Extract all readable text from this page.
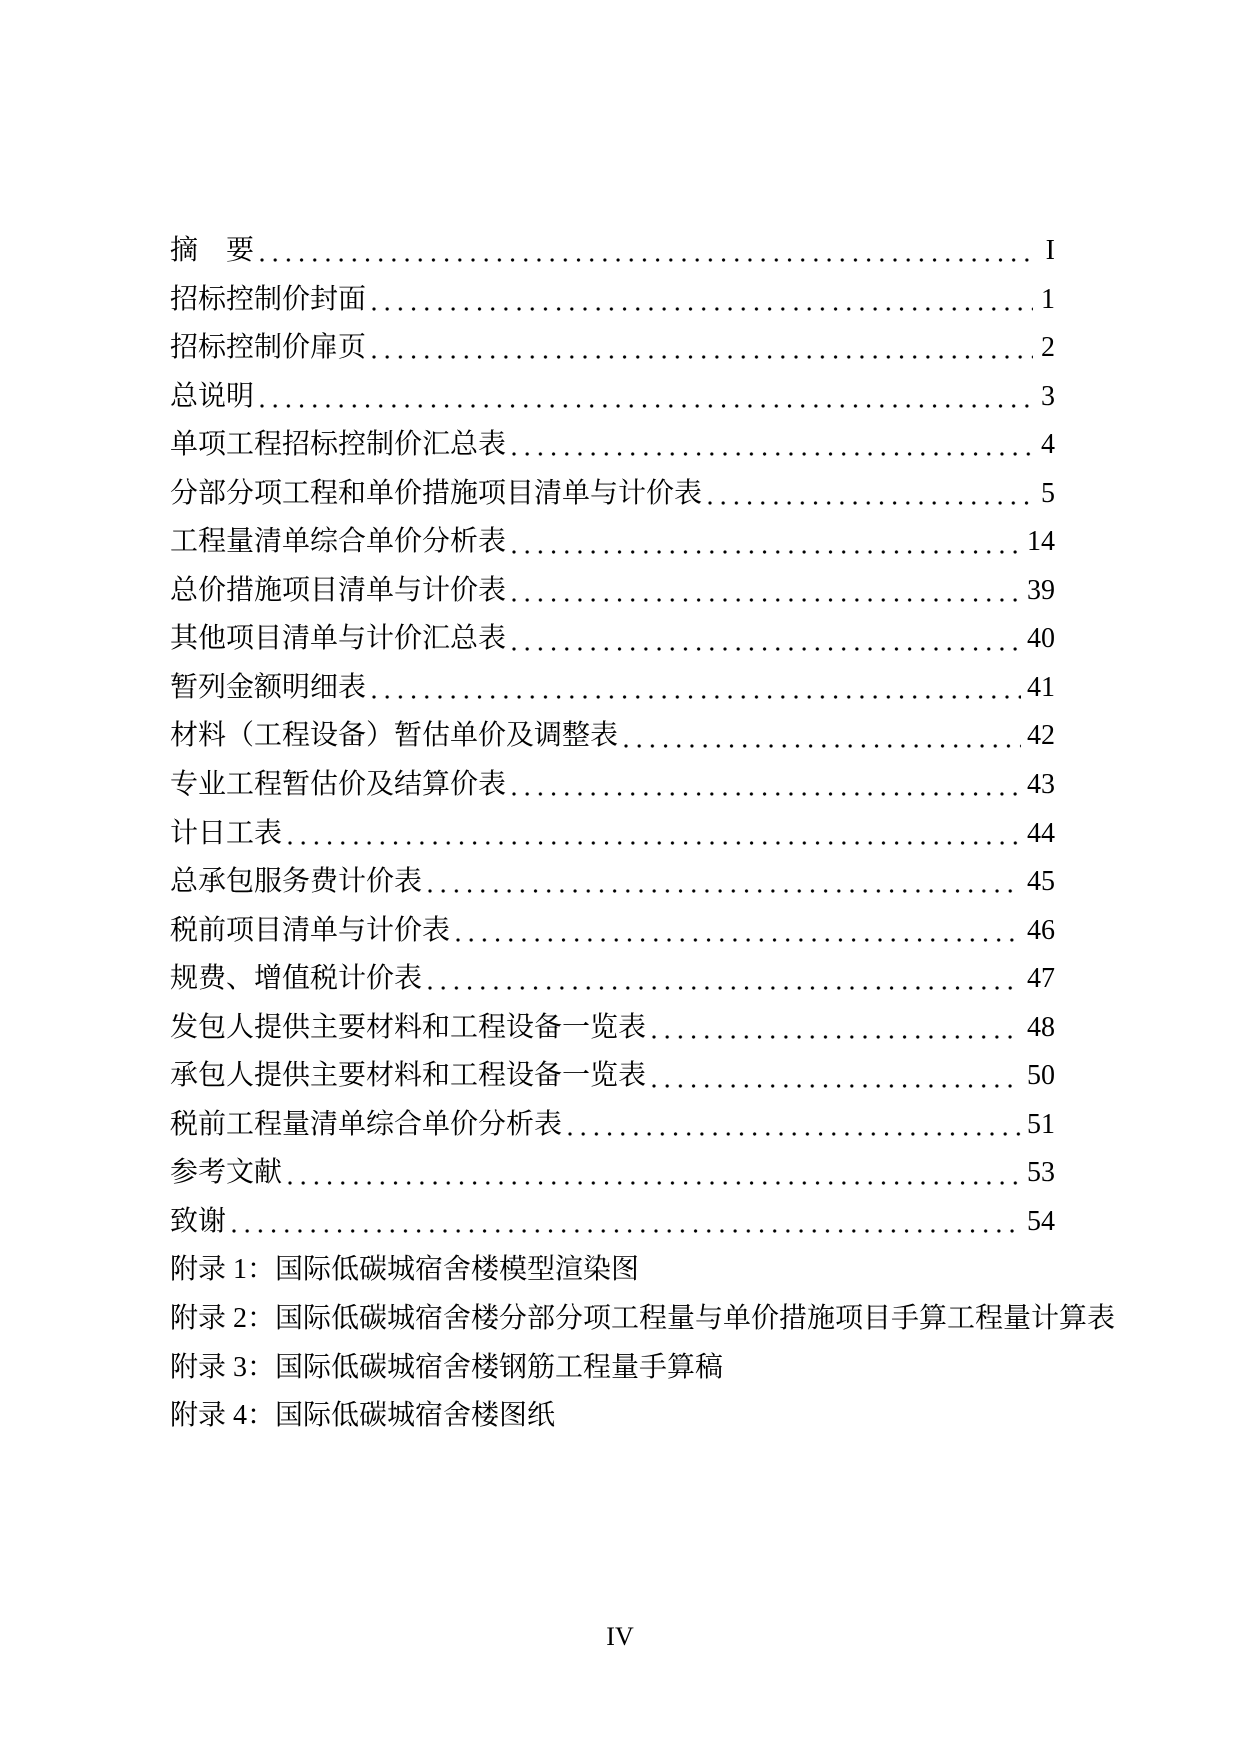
摘　要	I
招标控制价封面	1
招标控制价扉页	2
总说明	3
单项工程招标控制价汇总表	4
分部分项工程和单价措施项目清单与计价表	5
工程量清单综合单价分析表	14
总价措施项目清单与计价表	39
其他项目清单与计价汇总表	40
暂列金额明细表	41
材料（工程设备）暂估单价及调整表	42
专业工程暂估价及结算价表	43
计日工表	44
总承包服务费计价表	45
税前项目清单与计价表	46
规费、增值税计价表	47
发包人提供主要材料和工程设备一览表	48
承包人提供主要材料和工程设备一览表	50
税前工程量清单综合单价分析表	51
参考文献	53
致谢	54
附录 1：国际低碳城宿舍楼模型渲染图
附录 2：国际低碳城宿舍楼分部分项工程量与单价措施项目手算工程量计算表
附录 3：国际低碳城宿舍楼钢筋工程量手算稿
附录 4：国际低碳城宿舍楼图纸
IV
